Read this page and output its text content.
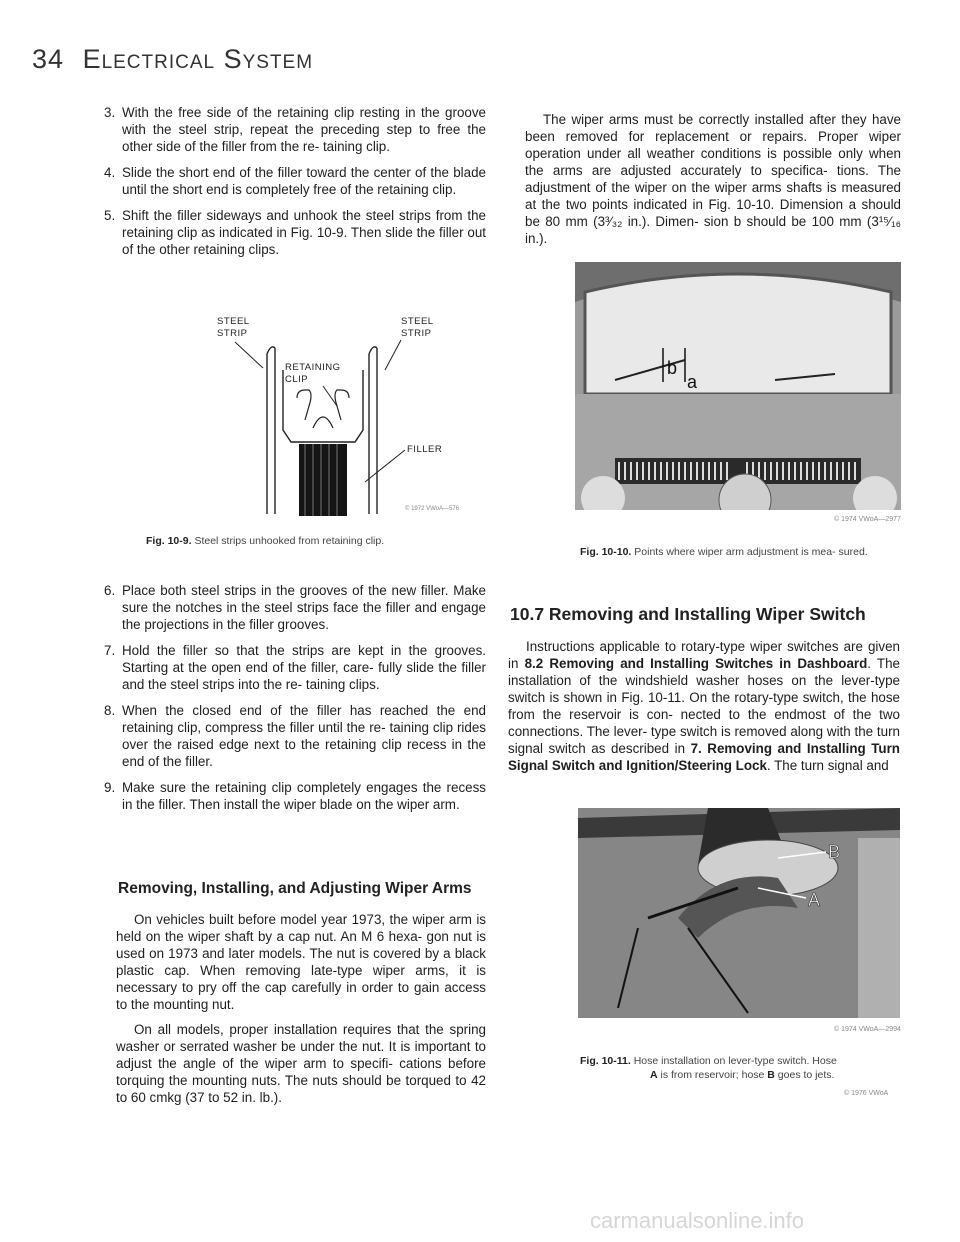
34 Electrical System
3. With the free side of the retaining clip resting in the groove with the steel strip, repeat the preceding step to free the other side of the filler from the re- taining clip.
4. Slide the short end of the filler toward the center of the blade until the short end is completely free of the retaining clip.
5. Shift the filler sideways and unhook the steel strips from the retaining clip as indicated in Fig. 10-9. Then slide the filler out of the other retaining clips.
STEEL
STRIP
STEEL
STRIP
RETAINING
CLIP
FILLER
© 1972 VWoA—576
Fig. 10-9. Steel strips unhooked from retaining clip.
6. Place both steel strips in the grooves of the new filler. Make sure the notches in the steel strips face the filler and engage the projections in the filler grooves.
7. Hold the filler so that the strips are kept in the grooves. Starting at the open end of the filler, care- fully slide the filler and the steel strips into the re- taining clips.
8. When the closed end of the filler has reached the end retaining clip, compress the filler until the re- taining clip rides over the raised edge next to the retaining clip recess in the end of the filler.
9. Make sure the retaining clip completely engages the recess in the filler. Then install the wiper blade on the wiper arm.
Removing, Installing, and Adjusting Wiper Arms

On vehicles built before model year 1973, the wiper arm is held on the wiper shaft by a cap nut. An M 6 hexa- gon nut is used on 1973 and later models. The nut is covered by a black plastic cap. When removing late-type wiper arms, it is necessary to pry off the cap carefully in order to gain access to the mounting nut.

On all models, proper installation requires that the spring washer or serrated washer be under the nut. It is important to adjust the angle of the wiper arm to specifi- cations before torquing the mounting nuts. The nuts should be torqued to 42 to 60 cmkg (37 to 52 in. lb.).

The wiper arms must be correctly installed after they have been removed for replacement or repairs. Proper wiper operation under all weather conditions is possible only when the arms are adjusted accurately to specifica- tions. The adjustment of the wiper on the wiper arms shafts is measured at the two points indicated in Fig. 10-10. Dimension a should be 80 mm (3³⁄₃₂ in.). Dimen- sion b should be 100 mm (3¹⁵⁄₁₆ in.).

b
a
© 1974 VWoA—2977
Fig. 10-10. Points where wiper arm adjustment is mea- sured.
10.7 Removing and Installing Wiper Switch

Instructions applicable to rotary-type wiper switches are given in 8.2 Removing and Installing Switches in Dashboard. The installation of the windshield washer hoses on the lever-type switch is shown in Fig. 10-11. On the rotary-type switch, the hose from the reservoir is con- nected to the endmost of the two connections. The lever- type switch is removed along with the turn signal switch as described in 7. Removing and Installing Turn Signal Switch and Ignition/Steering Lock. The turn signal and

B
A
© 1974 VWoA—2994
Fig. 10-11. Hose installation on lever-type switch. Hose
A is from reservoir; hose B goes to jets.
© 1976 VWoA
carmanualsonline.info
